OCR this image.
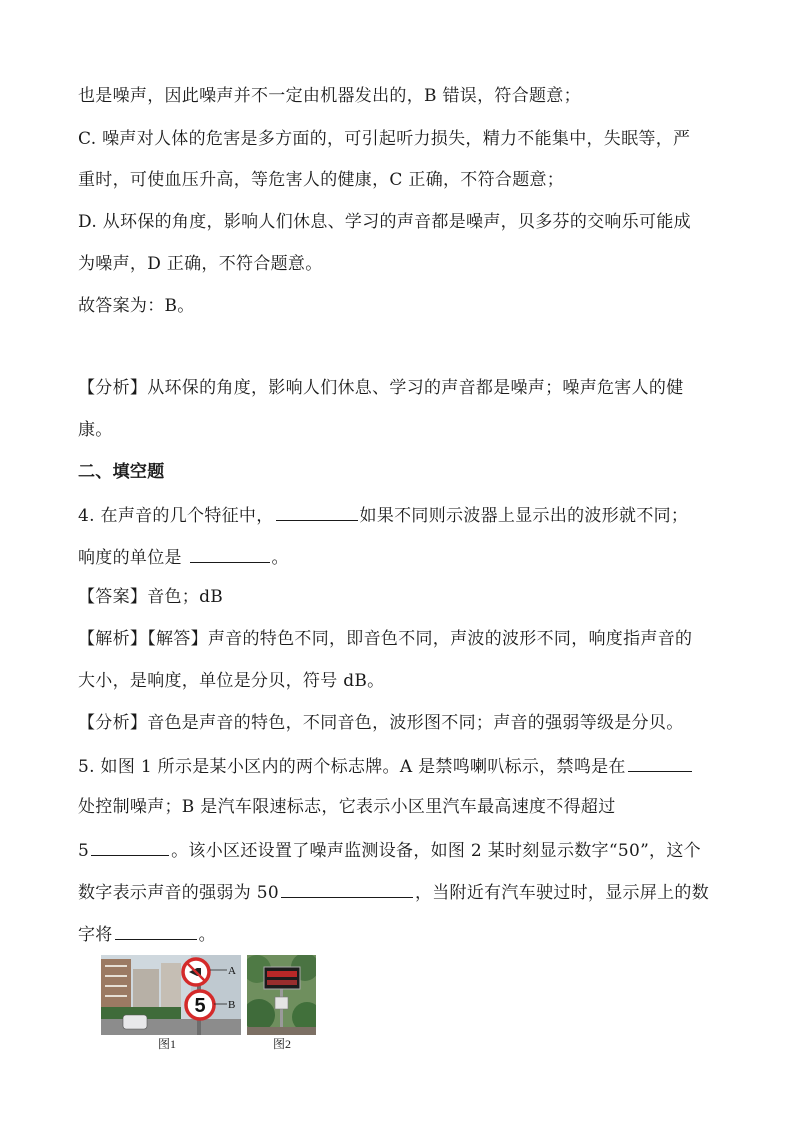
也是噪声，因此噪声并不一定由机器发出的，B 错误，符合题意；
C. 噪声对人体的危害是多方面的，可引起听力损失，精力不能集中，失眠等，严
重时，可使血压升高，等危害人的健康，C 正确，不符合题意；
D. 从环保的角度，影响人们休息、学习的声音都是噪声，贝多芬的交响乐可能成
为噪声，D 正确，不符合题意。
故答案为：B。
【分析】从环保的角度，影响人们休息、学习的声音都是噪声；噪声危害人的健
康。
二、填空题
4. 在声音的几个特征中，	如果不同则示波器上显示出的波形就不同；
响度的单位是	。
【答案】音色；dB
【解析】【解答】声音的特色不同，即音色不同，声波的波形不同，响度指声音的
大小，是响度，单位是分贝，符号 dB。
【分析】音色是声音的特色，不同音色，波形图不同；声音的强弱等级是分贝。
5. 如图 1 所示是某小区内的两个标志牌。A 是禁鸣喇叭标示，禁鸣是在
处控制噪声；B 是汽车限速标志，它表示小区里汽车最高速度不得超过
5	。该小区还设置了噪声监测设备，如图 2 某时刻显示数字“50”，这个
数字表示声音的强弱为 50	，当附近有汽车驶过时，显示屏上的数
字将	。
5
A
B
图1	图2
